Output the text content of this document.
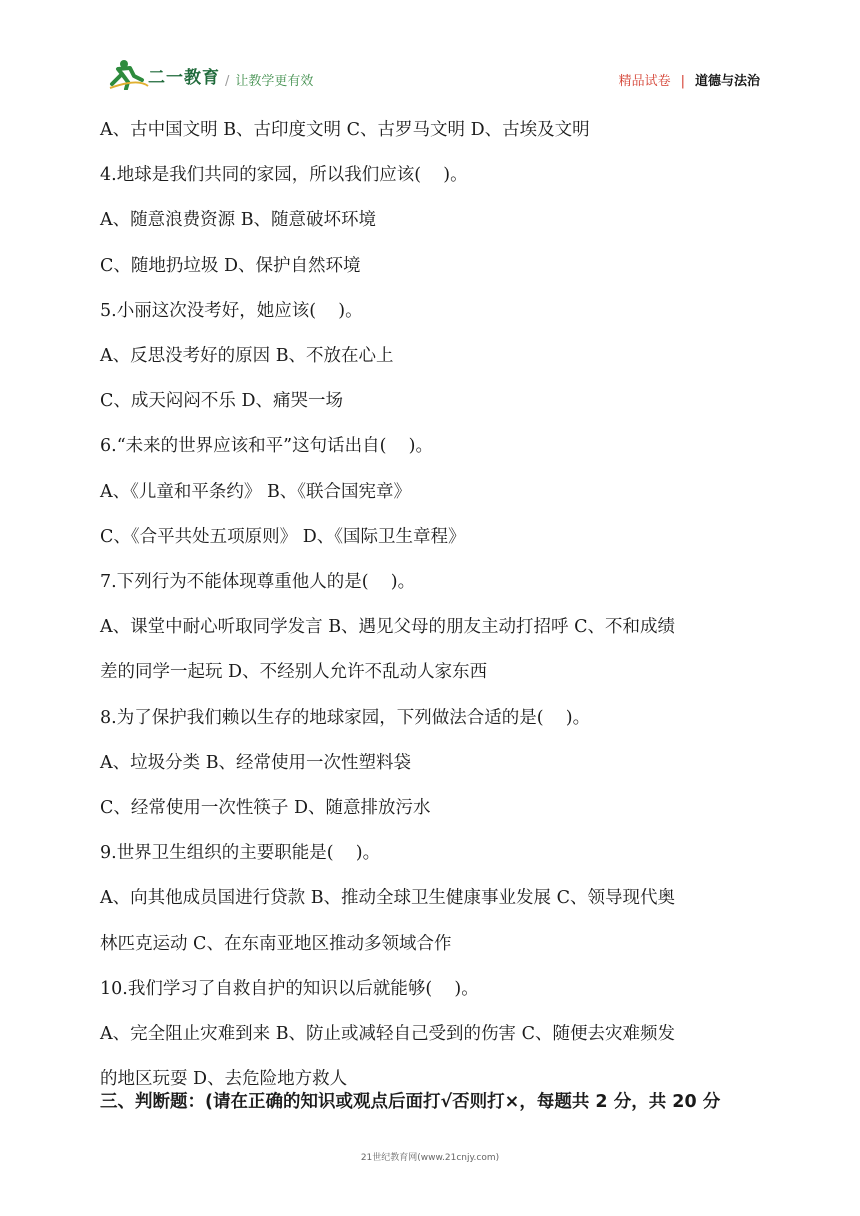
二一教育 / 让教学更有效	精品试卷 | 道德与法治
A、古中国文明 B、古印度文明 C、古罗马文明 D、古埃及文明
4.地球是我们共同的家园，所以我们应该(    )。
A、随意浪费资源 B、随意破坏环境
C、随地扔垃圾 D、保护自然环境
5.小丽这次没考好，她应该(    )。
A、反思没考好的原因 B、不放在心上
C、成天闷闷不乐 D、痛哭一场
6.“未来的世界应该和平”这句话出自(    )。
A、《儿童和平条约》 B、《联合国宪章》
C、《合平共处五项原则》 D、《国际卫生章程》
7.下列行为不能体现尊重他人的是(    )。
A、课堂中耐心听取同学发言 B、遇见父母的朋友主动打招呼 C、不和成绩
差的同学一起玩 D、不经别人允许不乱动人家东西
8.为了保护我们赖以生存的地球家园，下列做法合适的是(    )。
A、垃圾分类 B、经常使用一次性塑料袋
C、经常使用一次性筷子 D、随意排放污水
9.世界卫生组织的主要职能是(    )。
A、向其他成员国进行贷款 B、推动全球卫生健康事业发展 C、领导现代奥
林匹克运动 C、在东南亚地区推动多领域合作
10.我们学习了自救自护的知识以后就能够(    )。
A、完全阻止灾难到来 B、防止或减轻自己受到的伤害 C、随便去灾难频发
的地区玩耍 D、去危险地方救人
三、判断题：(请在正确的知识或观点后面打√否则打×，每题共 2 分，共 20 分
21世纪教育网(www.21cnjy.com)
